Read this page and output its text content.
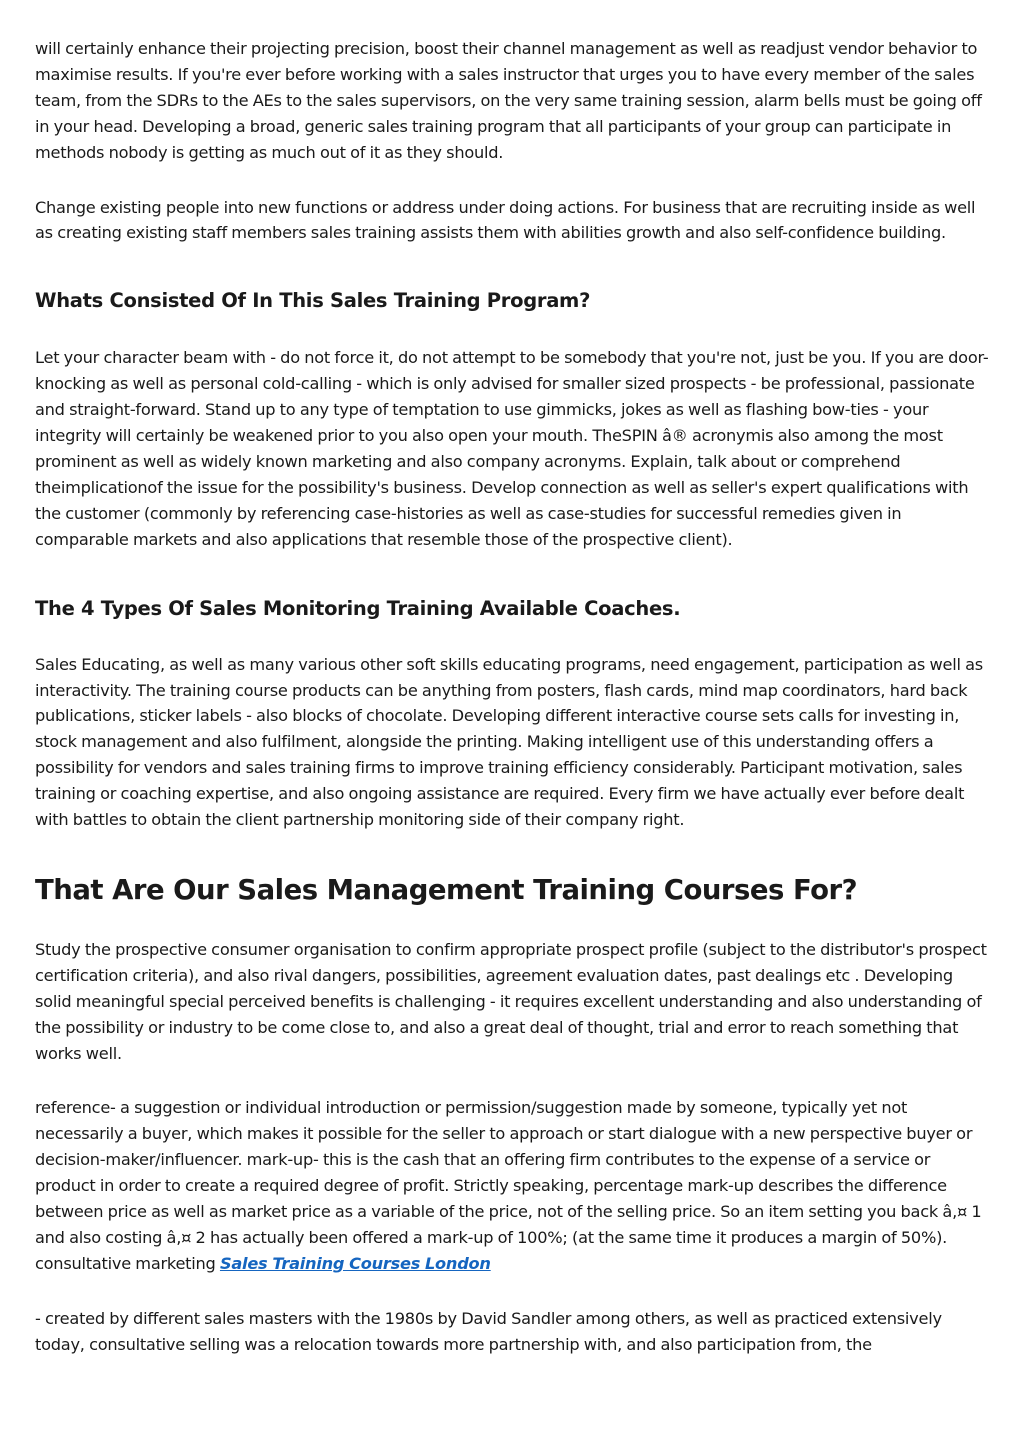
will certainly enhance their projecting precision, boost their channel management as well as readjust vendor behavior to maximise results. If you're ever before working with a sales instructor that urges you to have every member of the sales team, from the SDRs to the AEs to the sales supervisors, on the very same training session, alarm bells must be going off in your head. Developing a broad, generic sales training program that all participants of your group can participate in methods nobody is getting as much out of it as they should.

Change existing people into new functions or address under doing actions. For business that are recruiting inside as well as creating existing staff members sales training assists them with abilities growth and also self-confidence building.

Whats Consisted Of In This Sales Training Program?

Let your character beam with - do not force it, do not attempt to be somebody that you're not, just be you. If you are door-knocking as well as personal cold-calling - which is only advised for smaller sized prospects - be professional, passionate and straight-forward. Stand up to any type of temptation to use gimmicks, jokes as well as flashing bow-ties - your integrity will certainly be weakened prior to you also open your mouth. TheSPIN â® acronymis also among the most prominent as well as widely known marketing and also company acronyms. Explain, talk about or comprehend theimplicationof the issue for the possibility's business. Develop connection as well as seller's expert qualifications with the customer (commonly by referencing case-histories as well as case-studies for successful remedies given in comparable markets and also applications that resemble those of the prospective client).

The 4 Types Of Sales Monitoring Training Available Coaches.

Sales Educating, as well as many various other soft skills educating programs, need engagement, participation as well as interactivity. The training course products can be anything from posters, flash cards, mind map coordinators, hard back publications, sticker labels - also blocks of chocolate. Developing different interactive course sets calls for investing in, stock management and also fulfilment, alongside the printing. Making intelligent use of this understanding offers a possibility for vendors and sales training firms to improve training efficiency considerably. Participant motivation, sales training or coaching expertise, and also ongoing assistance are required. Every firm we have actually ever before dealt with battles to obtain the client partnership monitoring side of their company right.

That Are Our Sales Management Training Courses For?

Study the prospective consumer organisation to confirm appropriate prospect profile (subject to the distributor's prospect certification criteria), and also rival dangers, possibilities, agreement evaluation dates, past dealings etc . Developing solid meaningful special perceived benefits is challenging - it requires excellent understanding and also understanding of the possibility or industry to be come close to, and also a great deal of thought, trial and error to reach something that works well.

reference- a suggestion or individual introduction or permission/suggestion made by someone, typically yet not necessarily a buyer, which makes it possible for the seller to approach or start dialogue with a new perspective buyer or decision-maker/influencer. mark-up- this is the cash that an offering firm contributes to the expense of a service or product in order to create a required degree of profit. Strictly speaking, percentage mark-up describes the difference between price as well as market price as a variable of the price, not of the selling price. So an item setting you back â‚¤ 1 and also costing â‚¤ 2 has actually been offered a mark-up of 100%; (at the same time it produces a margin of 50%). consultative marketing Sales Training Courses London

- created by different sales masters with the 1980s by David Sandler among others, as well as practiced extensively today, consultative selling was a relocation towards more partnership with, and also participation from, the
